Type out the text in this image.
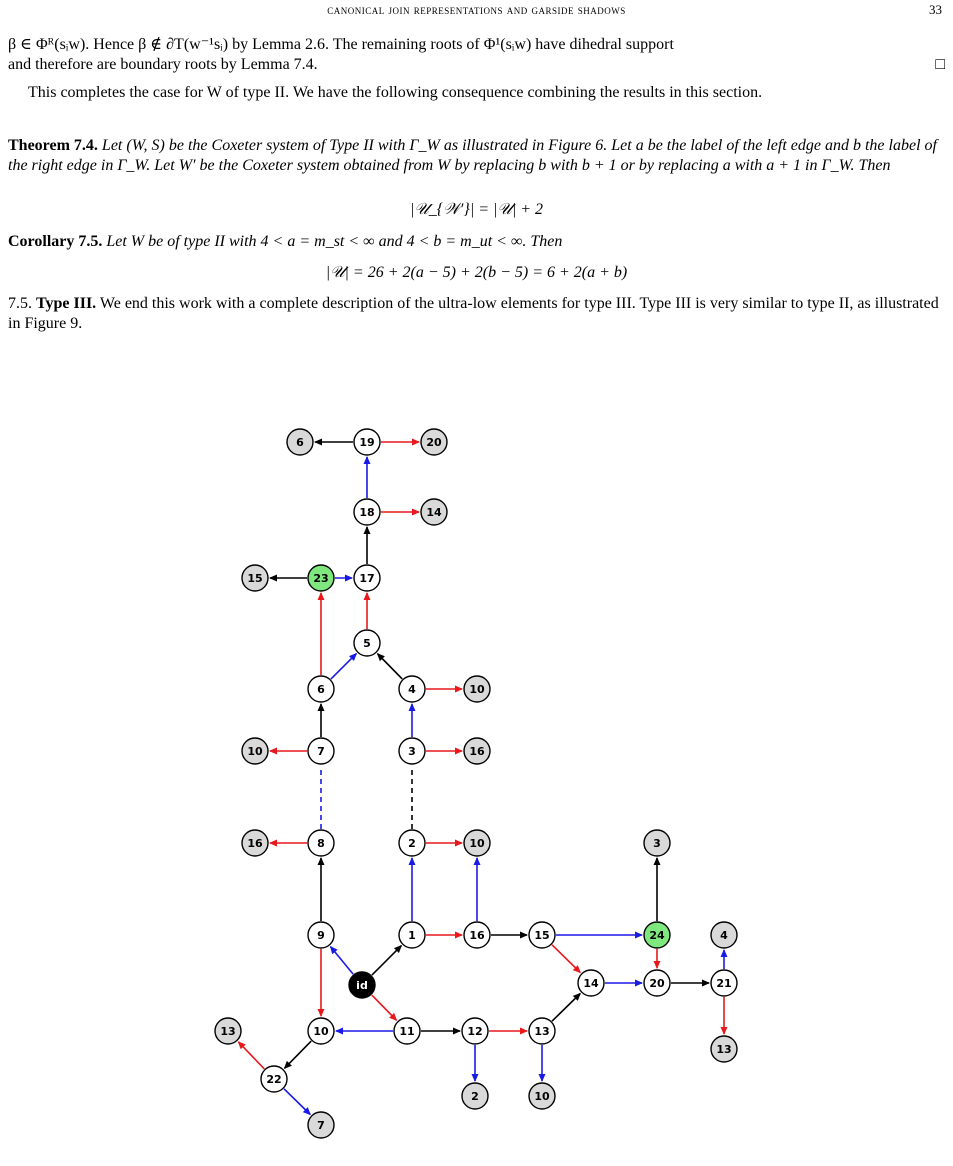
canonical join representations and garside shadows	33

β ∈ Φᴿ(sᵢw). Hence β ∉ ∂T(w⁻¹sᵢ) by Lemma 2.6. The remaining roots of Φ¹(sᵢw) have dihedral support

and therefore are boundary roots by Lemma 7.4.	□

This completes the case for W of type II. We have the following consequence combining the results in this section.

Theorem 7.4. Let (W, S) be the Coxeter system of Type II with Γ_W as illustrated in Figure 6. Let a be the label of the left edge and b the label of the right edge in Γ_W. Let W′ be the Coxeter system obtained from W by replacing b with b + 1 or by replacing a with a + 1 in Γ_W. Then

|𝒰_{𝒲′}| = |𝒰| + 2

Corollary 7.5. Let W be of type II with 4 < a = m_st < ∞ and 4 < b = m_ut < ∞. Then

|𝒰| = 26 + 2(a − 5) + 2(b − 5) = 6 + 2(a + b)

7.5. Type III. We end this work with a complete description of the ultra-low elements for type III. Type III is very similar to type II, as illustrated in Figure 9.

19
6	20
18	14
17
23
15
5
6	4	10
7
10	3	16
8
16	2	10	3
9	1	16	15	24	4
id	14	20	21
13
10	11	12	13
13
22
2	10
7
